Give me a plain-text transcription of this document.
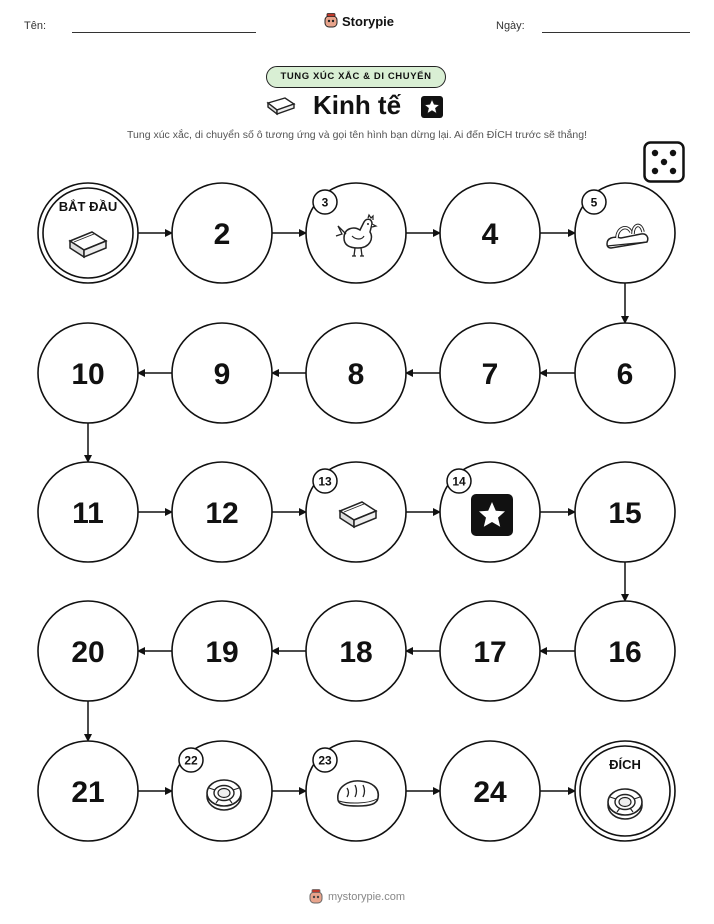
Tên:	Storypie	Ngày:
TUNG XÚC XẮC & DI CHUYỂN
Kinh tế
Tung xúc xắc, di chuyển số ô tương ứng và gọi tên hình bạn dừng lại. Ai đến ĐÍCH trước sẽ thắng!
BẮT ĐẦU
2
3
4
5
10	9	8	7	6
11	12
13	14
15
20	19	18	17	16
21
22	23
24
ĐÍCH
mystorypie.com
